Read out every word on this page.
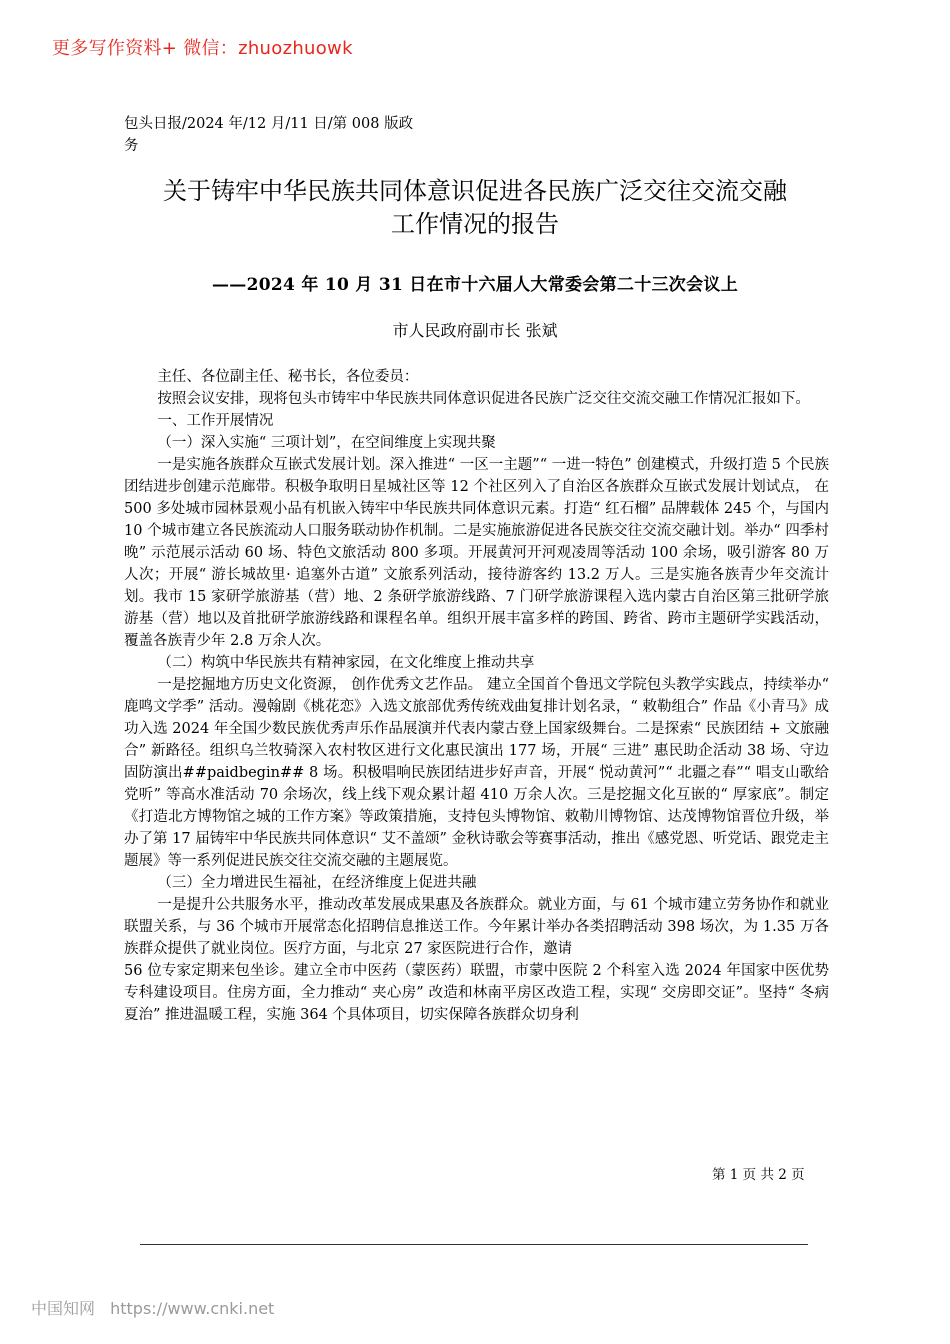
更多写作资料+ 微信：zhuozhuowk
包头日报/2024 年/12 月/11 日/第 008 版政务
关于铸牢中华民族共同体意识促进各民族广泛交往交流交融
工作情况的报告
——2024 年 10 月 31 日在市十六届人大常委会第二十三次会议上
市人民政府副市长 张斌

主任、各位副主任、秘书长，各位委员：

按照会议安排，现将包头市铸牢中华民族共同体意识促进各民族广泛交往交流交融工作情况汇报如下。

一、工作开展情况

（一）深入实施“ 三项计划”，在空间维度上实现共聚

一是实施各族群众互嵌式发展计划。深入推进“ 一区一主题”“ 一进一特色” 创建模式，升级打造 5 个民族团结进步创建示范廊带。积极争取明日星城社区等 12 个社区列入了自治区各族群众互嵌式发展计划试点， 在 500 多处城市园林景观小品有机嵌入铸牢中华民族共同体意识元素。打造“ 红石榴” 品牌载体 245 个，与国内 10 个城市建立各民族流动人口服务联动协作机制。二是实施旅游促进各民族交往交流交融计划。举办“ 四季村晚” 示范展示活动 60 场、特色文旅活动 800 多项。开展黄河开河观凌周等活动 100 余场，吸引游客 80 万人次；开展“ 游长城故里· 追塞外古道” 文旅系列活动，接待游客约 13.2 万人。三是实施各族青少年交流计划。我市 15 家研学旅游基（营）地、2 条研学旅游线路、7 门研学旅游课程入选内蒙古自治区第三批研学旅游基（营）地以及首批研学旅游线路和课程名单。组织开展丰富多样的跨国、跨省、跨市主题研学实践活动，覆盖各族青少年 2.8 万余人次。

（二）构筑中华民族共有精神家园，在文化维度上推动共享

一是挖掘地方历史文化资源， 创作优秀文艺作品。 建立全国首个鲁迅文学院包头教学实践点，持续举办“ 鹿鸣文学季” 活动。漫翰剧《桃花恋》入选文旅部优秀传统戏曲复排计划名录，“ 敕勒组合” 作品《小青马》成功入选 2024 年全国少数民族优秀声乐作品展演并代表内蒙古登上国家级舞台。二是探索“ 民族团结 + 文旅融合” 新路径。组织乌兰牧骑深入农村牧区进行文化惠民演出 177 场，开展“ 三进” 惠民助企活动 38 场、守边固防演出##paidbegin## 8 场。积极唱响民族团结进步好声音，开展“ 悦动黄河”“ 北疆之春”“ 唱支山歌给党听” 等高水准活动 70 余场次，线上线下观众累计超 410 万余人次。三是挖掘文化互嵌的“ 厚家底”。制定《打造北方博物馆之城的工作方案》等政策措施，支持包头博物馆、敕勒川博物馆、达茂博物馆晋位升级，举办了第 17 届铸牢中华民族共同体意识“ 艾不盖颂” 金秋诗歌会等赛事活动，推出《感党恩、听党话、跟党走主题展》等一系列促进民族交往交流交融的主题展览。

（三）全力增进民生福祉，在经济维度上促进共融

一是提升公共服务水平，推动改革发展成果惠及各族群众。就业方面，与 61 个城市建立劳务协作和就业联盟关系，与 36 个城市开展常态化招聘信息推送工作。今年累计举办各类招聘活动 398 场次，为 1.35 万各族群众提供了就业岗位。医疗方面，与北京 27 家医院进行合作，邀请

56 位专家定期来包坐诊。建立全市中医药（蒙医药）联盟，市蒙中医院 2 个科室入选 2024 年国家中医优势专科建设项目。住房方面，全力推动“ 夹心房” 改造和林南平房区改造工程，实现“ 交房即交证”。坚持“ 冬病夏治” 推进温暖工程，实施 364 个具体项目，切实保障各族群众切身利

第 1 页 共 2 页
中国知网 https://www.cnki.net
